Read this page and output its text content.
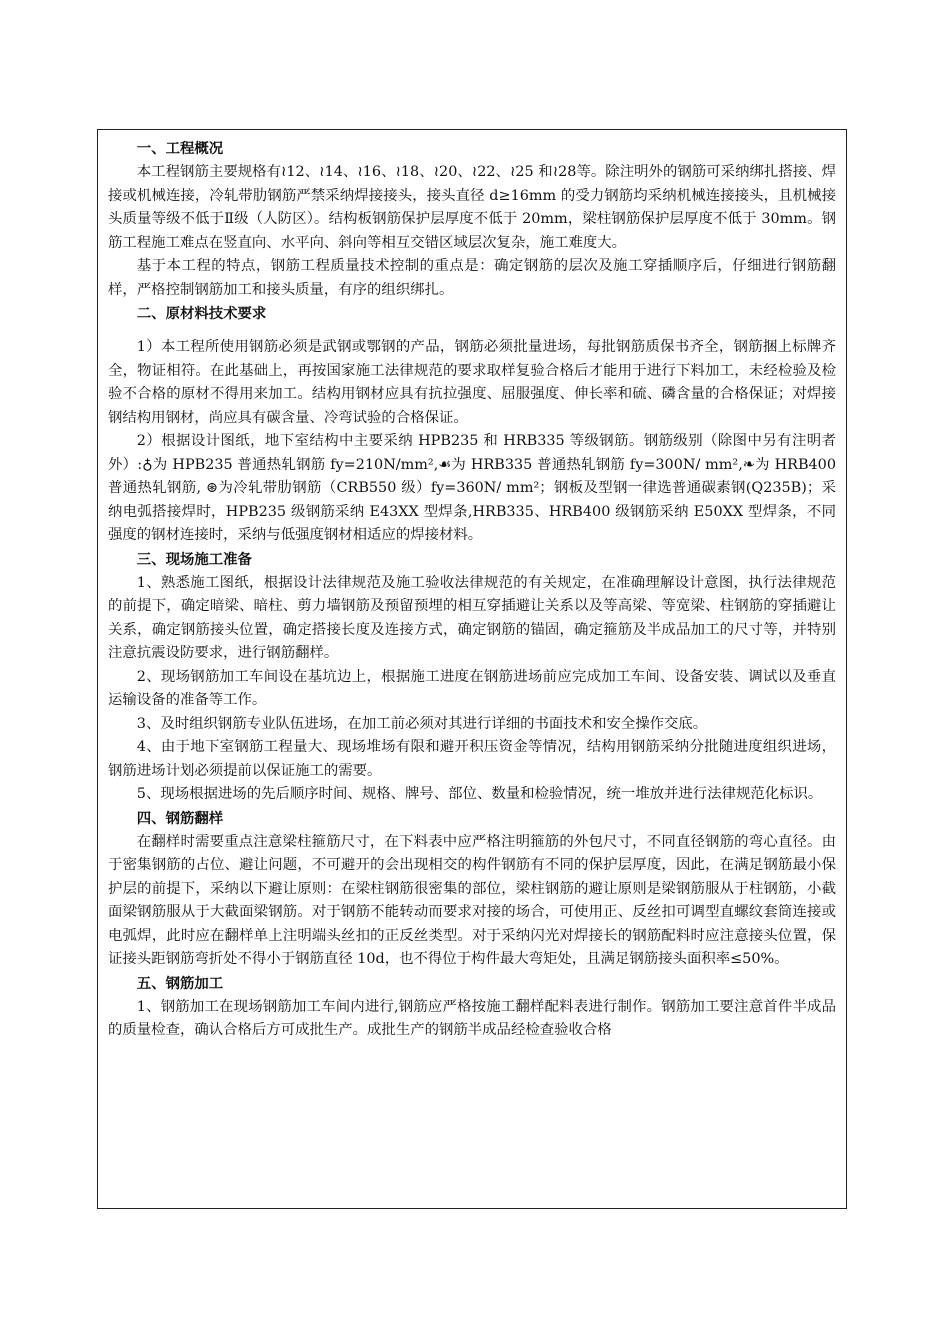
一、工程概况

本工程钢筋主要规格有≀12、≀14、≀16、≀18、≀20、≀22、≀25 和≀28等。除注明外的钢筋可采纳绑扎搭接、焊接或机械连接，冷轧带肋钢筋严禁采纳焊接接头，接头直径 d≥16mm 的受力钢筋均采纳机械连接接头，且机械接头质量等级不低于Ⅱ级（人防区）。结构板钢筋保护层厚度不低于 20mm，梁柱钢筋保护层厚度不低于 30mm。钢筋工程施工难点在竖直向、水平向、斜向等相互交错区域层次复杂，施工难度大。

基于本工程的特点，钢筋工程质量技术控制的重点是：确定钢筋的层次及施工穿插顺序后，仔细进行钢筋翻样，严格控制钢筋加工和接头质量，有序的组织绑扎。

二、原材料技术要求

1）本工程所使用钢筋必须是武钢或鄂钢的产品，钢筋必须批量进场，每批钢筋质保书齐全，钢筋捆上标牌齐全，物证相符。在此基础上，再按国家施工法律规范的要求取样复验合格后才能用于进行下料加工，未经检验及检验不合格的原材不得用来加工。结构用钢材应具有抗拉强度、屈服强度、伸长率和硫、磷含量的合格保证；对焊接钢结构用钢材，尚应具有碳含量、冷弯试验的合格保证。

2）根据设计图纸，地下室结构中主要采纳 HPB235 和 HRB335 等级钢筋。钢筋级别（除图中另有注明者外）:♁为 HPB235 普通热轧钢筋 fy=210N/mm²,☙为 HRB335 普通热轧钢筋 fy=300N/ mm²,❧为 HRB400 普通热轧钢筋, ⊛为冷轧带肋钢筋（CRB550 级）fy=360N/ mm²；钢板及型钢一律选普通碳素钢(Q235B)；采纳电弧搭接焊时，HPB235 级钢筋采纳 E43XX 型焊条,HRB335、HRB400 级钢筋采纳 E50XX 型焊条，不同强度的钢材连接时，采纳与低强度钢材相适应的焊接材料。

三、现场施工准备

1、熟悉施工图纸，根据设计法律规范及施工验收法律规范的有关规定，在准确理解设计意图，执行法律规范的前提下，确定暗梁、暗柱、剪力墙钢筋及预留预埋的相互穿插避让关系以及等高梁、等宽梁、柱钢筋的穿插避让关系，确定钢筋接头位置，确定搭接长度及连接方式，确定钢筋的锚固，确定箍筋及半成品加工的尺寸等，并特别注意抗震设防要求，进行钢筋翻样。

2、现场钢筋加工车间设在基坑边上，根据施工进度在钢筋进场前应完成加工车间、设备安装、调试以及垂直运输设备的准备等工作。

3、及时组织钢筋专业队伍进场，在加工前必须对其进行详细的书面技术和安全操作交底。

4、由于地下室钢筋工程量大、现场堆场有限和避开积压资金等情况，结构用钢筋采纳分批随进度组织进场，钢筋进场计划必须提前以保证施工的需要。

5、现场根据进场的先后顺序时间、规格、牌号、部位、数量和检验情况，统一堆放并进行法律规范化标识。

四、钢筋翻样

在翻样时需要重点注意梁柱箍筋尺寸，在下料表中应严格注明箍筋的外包尺寸，不同直径钢筋的弯心直径。由于密集钢筋的占位、避让问题，不可避开的会出现相交的构件钢筋有不同的保护层厚度，因此，在满足钢筋最小保护层的前提下，采纳以下避让原则：在梁柱钢筋很密集的部位，梁柱钢筋的避让原则是梁钢筋服从于柱钢筋，小截面梁钢筋服从于大截面梁钢筋。对于钢筋不能转动而要求对接的场合，可使用正、反丝扣可调型直螺纹套筒连接或电弧焊，此时应在翻样单上注明端头丝扣的正反丝类型。对于采纳闪光对焊接长的钢筋配料时应注意接头位置，保证接头距钢筋弯折处不得小于钢筋直径 10d，也不得位于构件最大弯矩处，且满足钢筋接头面积率≤50%。

五、钢筋加工

1、钢筋加工在现场钢筋加工车间内进行,钢筋应严格按施工翻样配料表进行制作。钢筋加工要注意首件半成品的质量检查，确认合格后方可成批生产。成批生产的钢筋半成品经检查验收合格
